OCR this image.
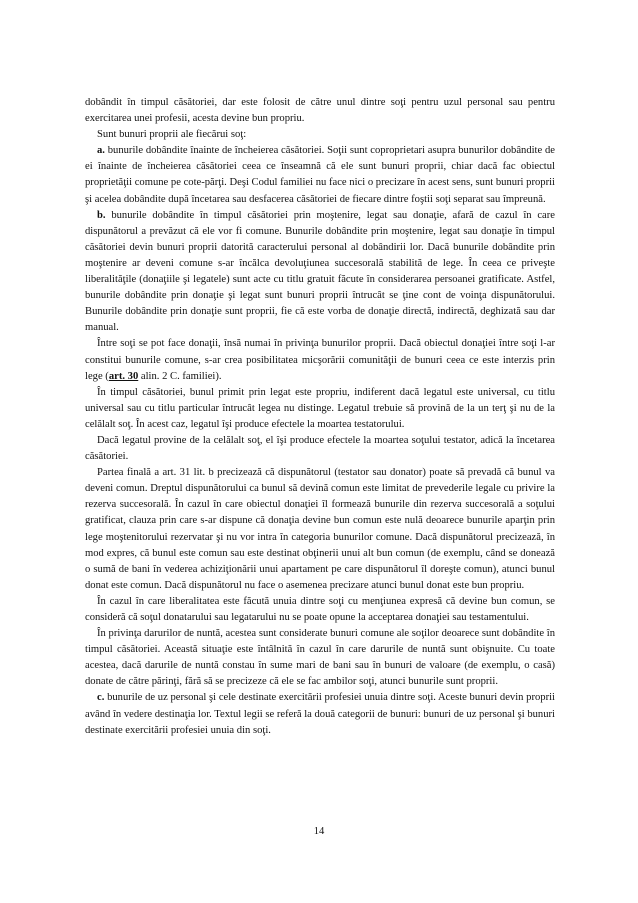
dobândit în timpul căsătoriei, dar este folosit de către unul dintre soţi pentru uzul personal sau pentru exercitarea unei profesii, acesta devine bun propriu.

Sunt bunuri proprii ale fiecărui soţ:

a. bunurile dobândite înainte de încheierea căsătoriei. Soţii sunt coproprietari asupra bunurilor dobândite de ei înainte de încheierea căsătoriei ceea ce înseamnă că ele sunt bunuri proprii, chiar dacă fac obiectul proprietăţii comune pe cote-părţi. Deşi Codul familiei nu face nici o precizare în acest sens, sunt bunuri proprii şi acelea dobândite după încetarea sau desfacerea căsătoriei de fiecare dintre foştii soţi separat sau împreună.

b. bunurile dobândite în timpul căsătoriei prin moştenire, legat sau donaţie, afară de cazul în care dispunătorul a prevăzut că ele vor fi comune. Bunurile dobândite prin moştenire, legat sau donaţie în timpul căsătoriei devin bunuri proprii datorită caracterului personal al dobândirii lor. Dacă bunurile dobândite prin moştenire ar deveni comune s-ar încălca devoluţiunea succesorală stabilită de lege. În ceea ce priveşte liberalităţile (donaţiile şi legatele) sunt acte cu titlu gratuit făcute în considerarea persoanei gratificate. Astfel, bunurile dobândite prin donaţie şi legat sunt bunuri proprii întrucât se ţine cont de voinţa dispunătorului. Bunurile dobândite prin donaţie sunt proprii, fie că este vorba de donaţie directă, indirectă, deghizată sau dar manual.

Între soţi se pot face donaţii, însă numai în privinţa bunurilor proprii. Dacă obiectul donaţiei între soţi l-ar constitui bunurile comune, s-ar crea posibilitatea micşorării comunităţii de bunuri ceea ce este interzis prin lege (art. 30 alin. 2 C. familiei).

În timpul căsătoriei, bunul primit prin legat este propriu, indiferent dacă legatul este universal, cu titlu universal sau cu titlu particular întrucât legea nu distinge. Legatul trebuie să provină de la un terţ şi nu de la celălalt soţ. În acest caz, legatul îşi produce efectele la moartea testatorului.

Dacă legatul provine de la celălalt soţ, el îşi produce efectele la moartea soţului testator, adică la încetarea căsătoriei.

Partea finală a art. 31 lit. b precizează că dispunătorul (testator sau donator) poate să prevadă că bunul va deveni comun. Dreptul dispunătorului ca bunul să devină comun este limitat de prevederile legale cu privire la rezerva succesorală. În cazul în care obiectul donaţiei îl formează bunurile din rezerva succesorală a soţului gratificat, clauza prin care s-ar dispune că donaţia devine bun comun este nulă deoarece bunurile aparţin prin lege moştenitorului rezervatar şi nu vor intra în categoria bunurilor comune. Dacă dispunătorul precizează, în mod expres, că bunul este comun sau este destinat obţinerii unui alt bun comun (de exemplu, când se donează o sumă de bani în vederea achiziţionării unui apartament pe care dispunătorul îl doreşte comun), atunci bunul donat este comun. Dacă dispunătorul nu face o asemenea precizare atunci bunul donat este bun propriu.

În cazul în care liberalitatea este făcută unuia dintre soţi cu menţiunea expresă că devine bun comun, se consideră că soţul donatarului sau legatarului nu se poate opune la acceptarea donaţiei sau testamentului.

În privinţa darurilor de nuntă, acestea sunt considerate bunuri comune ale soţilor deoarece sunt dobândite în timpul căsătoriei. Această situaţie este întâlnită în cazul în care darurile de nuntă sunt obişnuite. Cu toate acestea, dacă darurile de nuntă constau în sume mari de bani sau în bunuri de valoare (de exemplu, o casă) donate de către părinţi, fără să se precizeze că ele se fac ambilor soţi, atunci bunurile sunt proprii.

c. bunurile de uz personal şi cele destinate exercitării profesiei unuia dintre soţi. Aceste bunuri devin proprii având în vedere destinaţia lor. Textul legii se referă la două categorii de bunuri: bunuri de uz personal şi bunuri destinate exercitării profesiei unuia din soţi.

14
